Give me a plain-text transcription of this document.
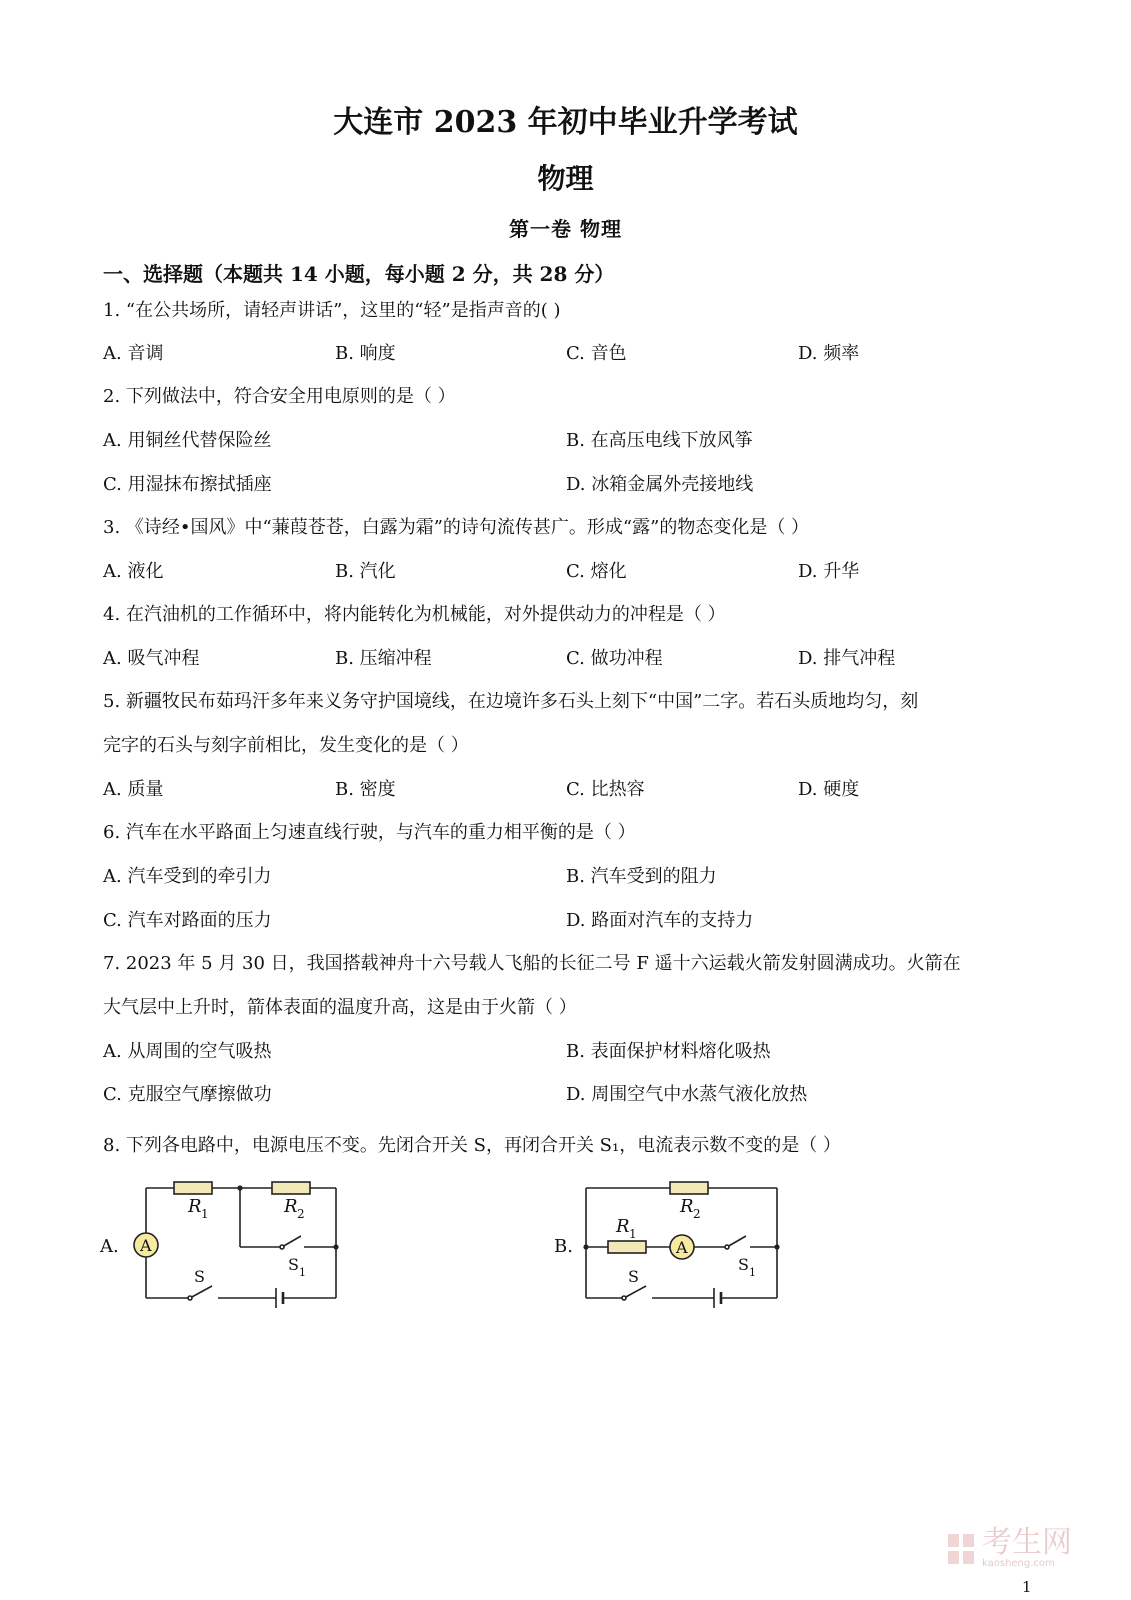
大连市 2023 年初中毕业升学考试
物理
第一卷 物理
一、选择题（本题共 14 小题，每小题 2 分，共 28 分）
1. “在公共场所，请轻声讲话”，这里的“轻”是指声音的( )
A. 音调	B. 响度	C. 音色	D. 频率
2. 下列做法中，符合安全用电原则的是（ ）
A. 用铜丝代替保险丝	B. 在高压电线下放风筝
C. 用湿抹布擦拭插座	D. 冰箱金属外壳接地线
3. 《诗经•国风》中“蒹葭苍苍，白露为霜”的诗句流传甚广。形成“露”的物态变化是（ ）
A. 液化	B. 汽化	C. 熔化	D. 升华
4. 在汽油机的工作循环中，将内能转化为机械能，对外提供动力的冲程是（ ）
A. 吸气冲程	B. 压缩冲程	C. 做功冲程	D. 排气冲程
5. 新疆牧民布茹玛汗多年来义务守护国境线，在边境许多石头上刻下“中国”二字。若石头质地均匀，刻
完字的石头与刻字前相比，发生变化的是（ ）
A. 质量	B. 密度	C. 比热容	D. 硬度
6. 汽车在水平路面上匀速直线行驶，与汽车的重力相平衡的是（ ）
A. 汽车受到的牵引力	B. 汽车受到的阻力
C. 汽车对路面的压力	D. 路面对汽车的支持力
7. 2023 年 5 月 30 日，我国搭载神舟十六号载人飞船的长征二号 F 遥十六运载火箭发射圆满成功。火箭在
大气层中上升时，箭体表面的温度升高，这是由于火箭（ ）
A. 从周围的空气吸热	B. 表面保护材料熔化吸热
C. 克服空气摩擦做功	D. 周围空气中水蒸气液化放热
8. 下列各电路中，电源电压不变。先闭合开关 S，再闭合开关 S₁，电流表示数不变的是（ ）
A.
R 1	R 2
A
S 1
S
B.
R 2
R 1
A
S 1
S
考生网
kaosheng.com
1
